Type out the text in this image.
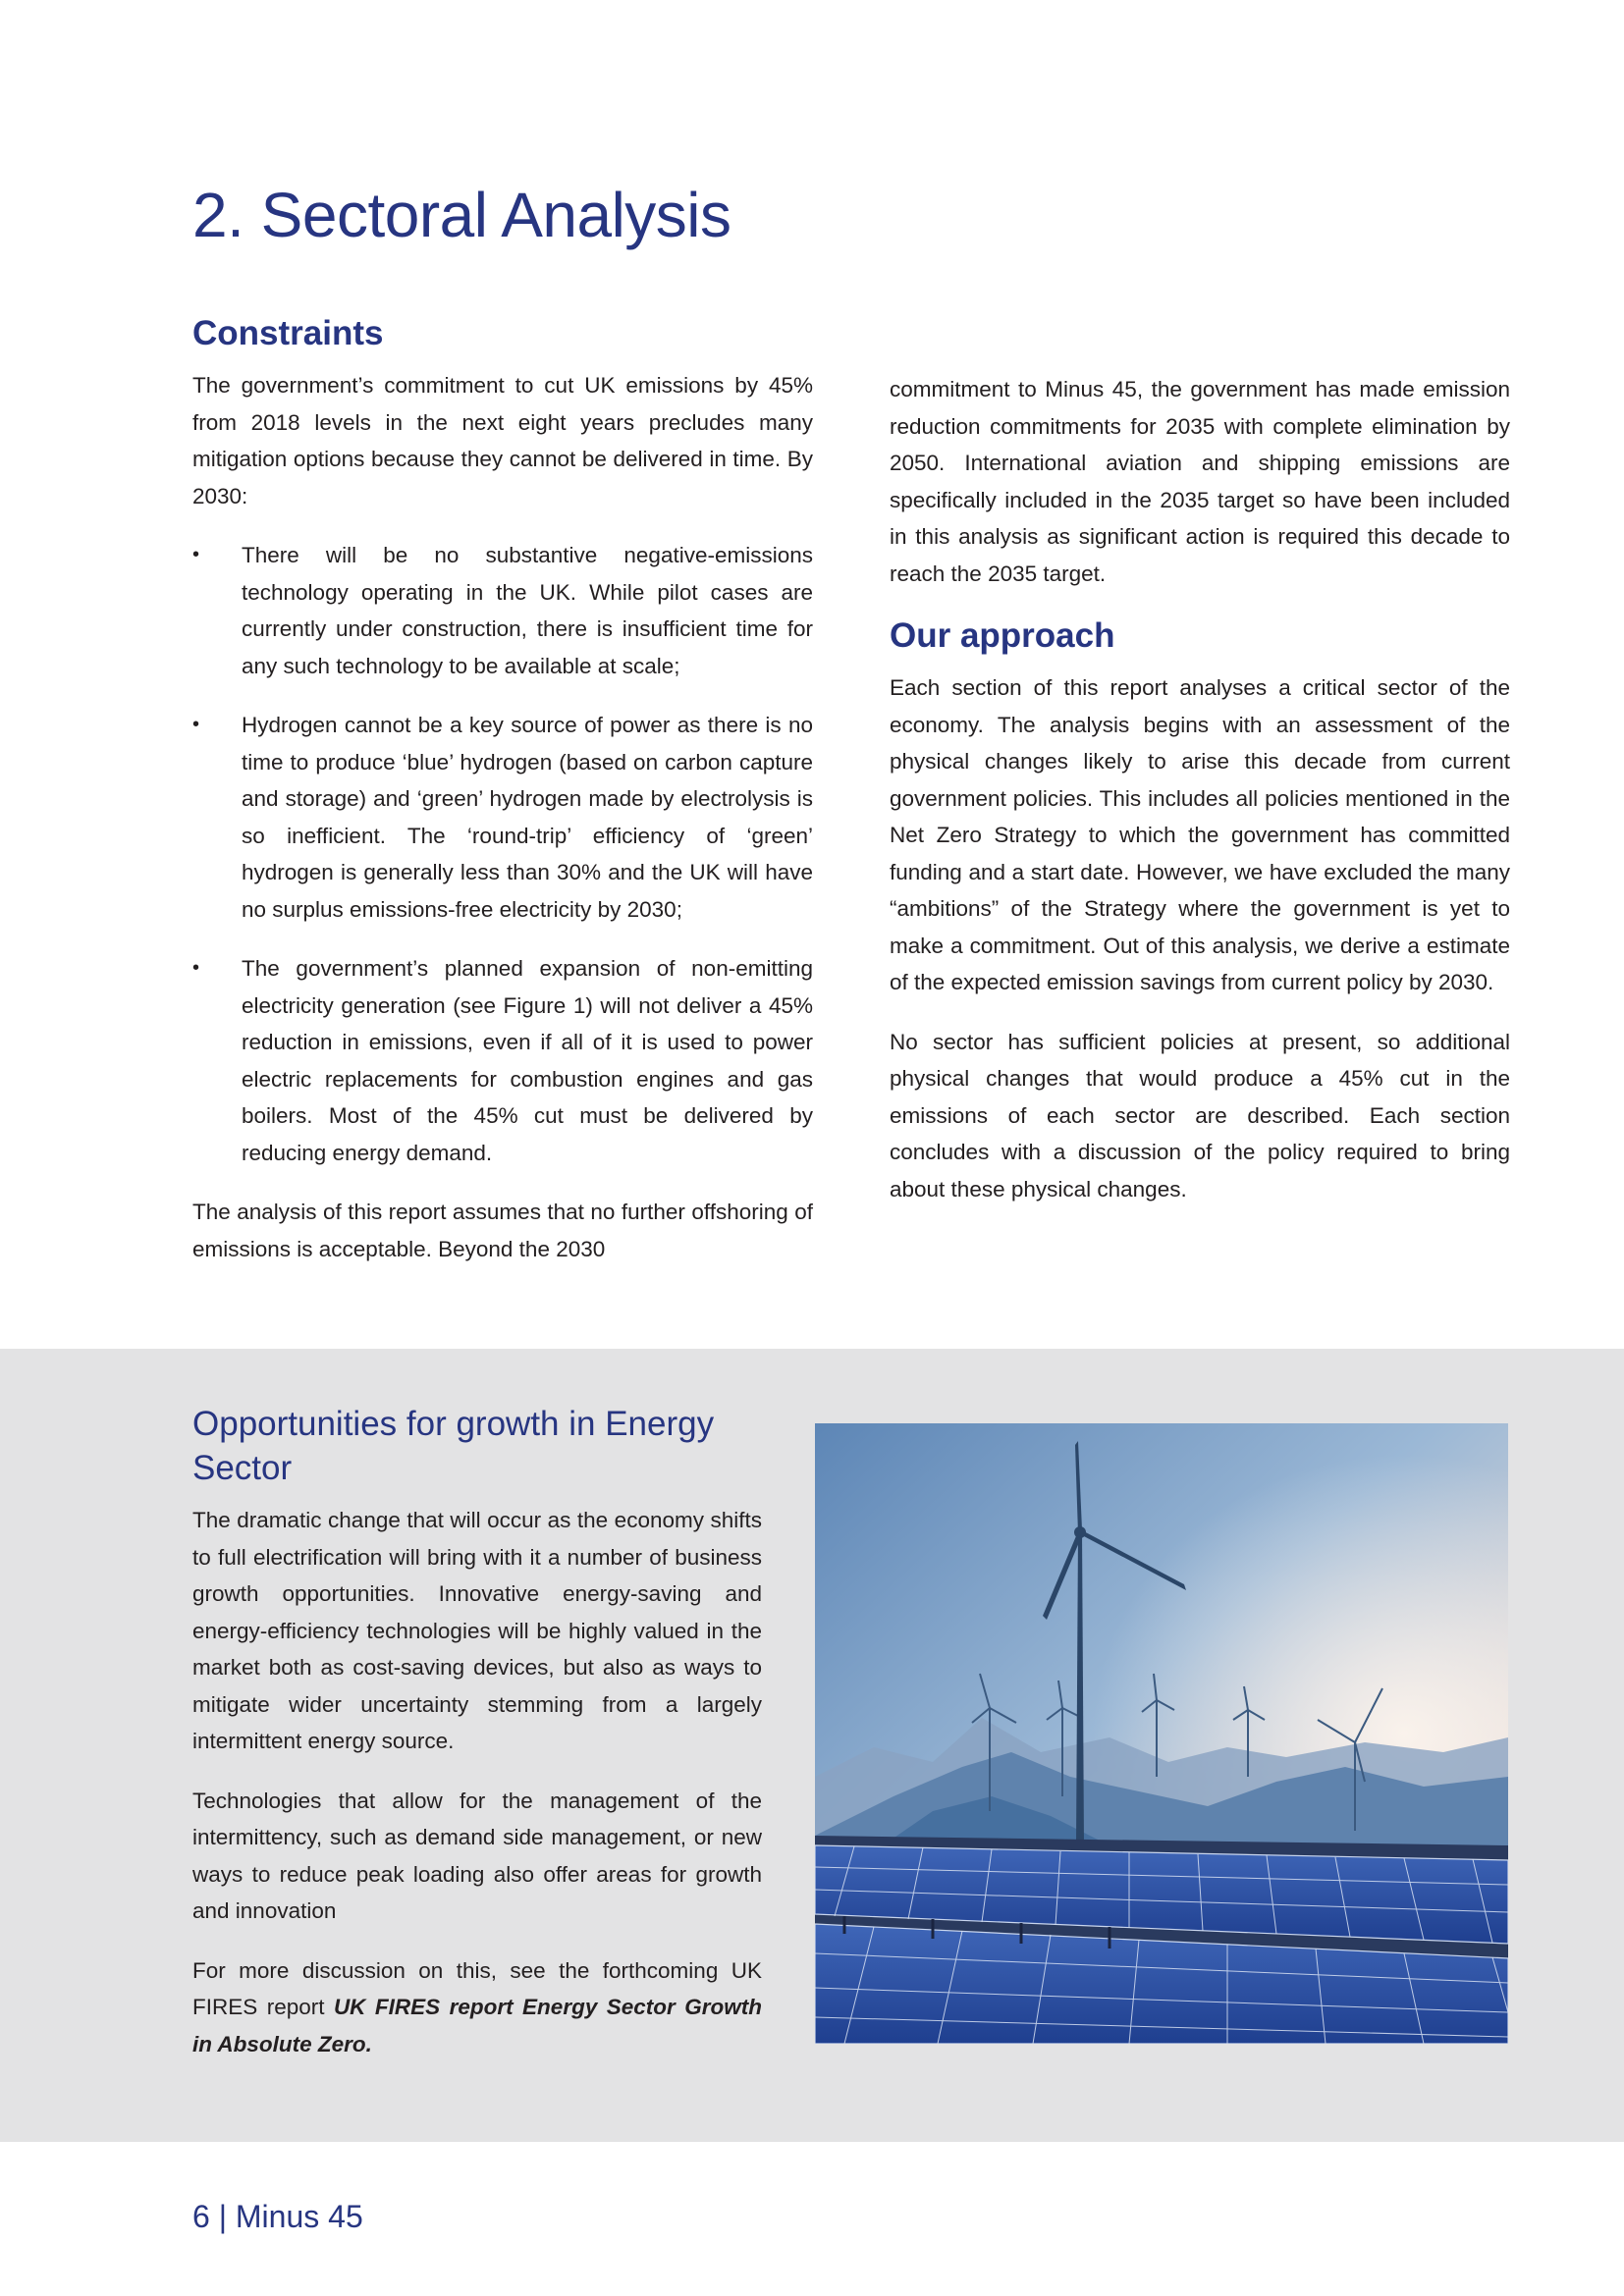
2. Sectoral Analysis
Constraints

The government’s commitment to cut UK emissions by 45% from 2018 levels in the next eight years precludes many mitigation options because they cannot be delivered in time. By 2030:

• There will be no substantive negative-emissions technology operating in the UK. While pilot cases are currently under construction, there is insufficient time for any such technology to be available at scale;
• Hydrogen cannot be a key source of power as there is no time to produce ‘blue’ hydrogen (based on carbon capture and storage) and ‘green’ hydrogen made by electrolysis is so inefficient. The ‘round-trip’ efficiency of ‘green’ hydrogen is generally less than 30% and the UK will have no surplus emissions-free electricity by 2030;
• The government’s planned expansion of non-emitting electricity generation (see Figure 1) will not deliver a 45% reduction in emissions, even if all of it is used to power electric replacements for combustion engines and gas boilers. Most of the 45% cut must be delivered by reducing energy demand.

The analysis of this report assumes that no further offshoring of emissions is acceptable. Beyond the 2030

commitment to Minus 45, the government has made emission reduction commitments for 2035 with complete elimination by 2050. International aviation and shipping emissions are specifically included in the 2035 target so have been included in this analysis as significant action is required this decade to reach the 2035 target.

Our approach

Each section of this report analyses a critical sector of the economy. The analysis begins with an assessment of the physical changes likely to arise this decade from current government policies. This includes all policies mentioned in the Net Zero Strategy to which the government has committed funding and a start date. However, we have excluded the many “ambitions” of the Strategy where the government is yet to make a commitment. Out of this analysis, we derive a estimate of the expected emission savings from current policy by 2030.

No sector has sufficient policies at present, so additional physical changes that would produce a 45% cut in the emissions of each sector are described. Each section concludes with a discussion of the policy required to bring about these physical changes.

Opportunities for growth in Energy Sector

The dramatic change that will occur as the economy shifts to full electrification will bring with it a number of business growth opportunities. Innovative energy-saving and energy-efficiency technologies will be highly valued in the market both as cost-saving devices, but also as ways to mitigate wider uncertainty stemming from a largely intermittent energy source.

Technologies that allow for the management of the intermittency, such as demand side management, or new ways to reduce peak loading also offer areas for growth and innovation

For more discussion on this, see the forthcoming UK FIRES report UK FIRES report Energy Sector Growth in Absolute Zero.

6 | Minus 45
